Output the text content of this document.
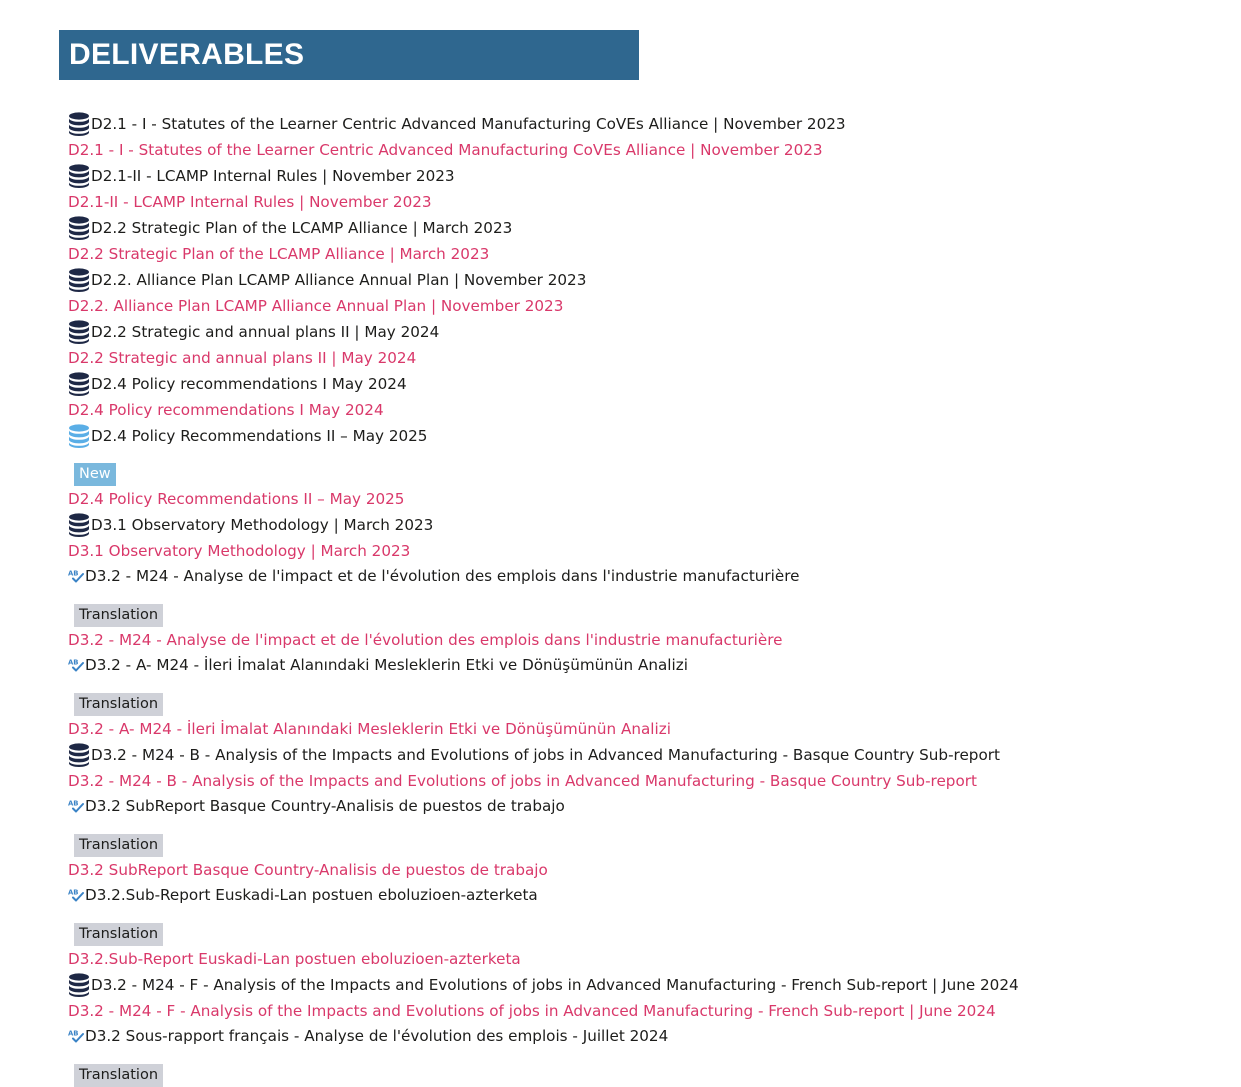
DELIVERABLES
D2.1 - I - Statutes of the Learner Centric Advanced Manufacturing CoVEs Alliance | November 2023
D2.1 - I - Statutes of the Learner Centric Advanced Manufacturing CoVEs Alliance | November 2023
D2.1-II - LCAMP Internal Rules | November 2023
D2.1-II - LCAMP Internal Rules | November 2023
D2.2 Strategic Plan of the LCAMP Alliance | March 2023
D2.2 Strategic Plan of the LCAMP Alliance | March 2023
D2.2. Alliance Plan LCAMP Alliance Annual Plan | November 2023
D2.2. Alliance Plan LCAMP Alliance Annual Plan | November 2023
D2.2 Strategic and annual plans II | May 2024
D2.2 Strategic and annual plans II | May 2024
D2.4 Policy recommendations I May 2024
D2.4 Policy recommendations I May 2024
D2.4 Policy Recommendations II – May 2025
New
D2.4 Policy Recommendations II – May 2025
D3.1 Observatory Methodology | March 2023
D3.1 Observatory Methodology | March 2023
AB D3.2 - M24 - Analyse de l'impact et de l'évolution des emplois dans l'industrie manufacturière
Translation
D3.2 - M24 - Analyse de l'impact et de l'évolution des emplois dans l'industrie manufacturière
AB D3.2 - A- M24 - İleri İmalat Alanındaki Mesleklerin Etki ve Dönüşümünün Analizi
Translation
D3.2 - A- M24 - İleri İmalat Alanındaki Mesleklerin Etki ve Dönüşümünün Analizi
D3.2 - M24 - B - Analysis of the Impacts and Evolutions of jobs in Advanced Manufacturing - Basque Country Sub-report
D3.2 - M24 - B - Analysis of the Impacts and Evolutions of jobs in Advanced Manufacturing - Basque Country Sub-report
AB D3.2 SubReport Basque Country-Analisis de puestos de trabajo
Translation
D3.2 SubReport Basque Country-Analisis de puestos de trabajo
AB D3.2.Sub-Report Euskadi-Lan postuen eboluzioen-azterketa
Translation
D3.2.Sub-Report Euskadi-Lan postuen eboluzioen-azterketa
D3.2 - M24 - F - Analysis of the Impacts and Evolutions of jobs in Advanced Manufacturing - French Sub-report | June 2024
D3.2 - M24 - F - Analysis of the Impacts and Evolutions of jobs in Advanced Manufacturing - French Sub-report | June 2024
AB D3.2 Sous-rapport français - Analyse de l'évolution des emplois - Juillet 2024
Translation
